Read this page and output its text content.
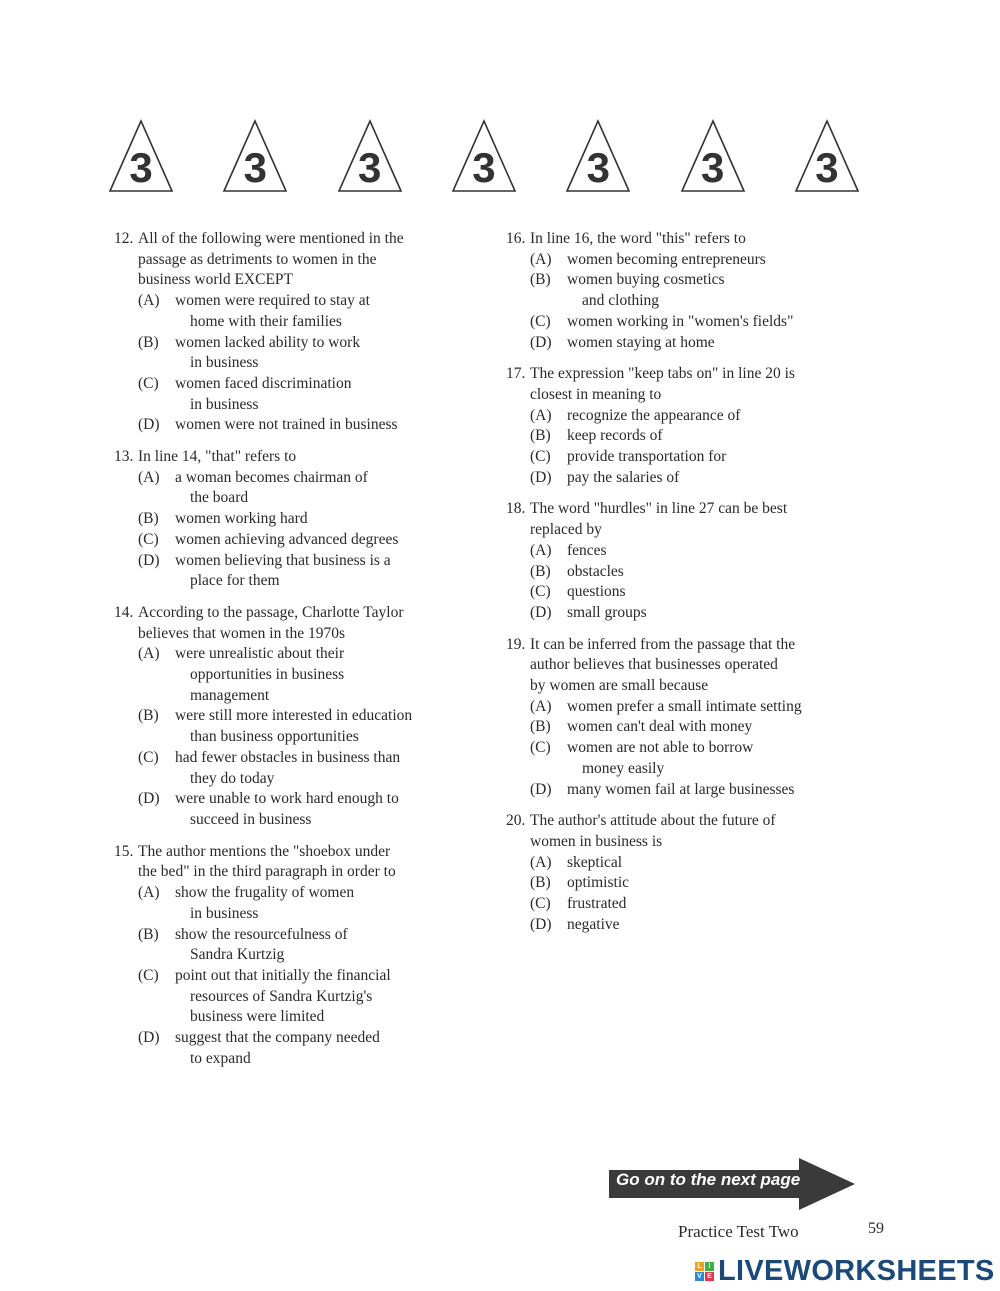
3	3	3	3	3	3	3
12. All of the following were mentioned in the
passage as detriments to women in the
business world EXCEPT
(A) women were required to stay at
home with their families
(B)	women lacked ability to work
in business
(C)	women faced discrimination
in business
(D) women were not trained in business
13. In line 14, "that" refers to
(A) a woman becomes chairman of
the board
(B)	women working hard
(C)	women achieving advanced degrees
(D) women believing that business is a
place for them
14. According to the passage, Charlotte Taylor
believes that women in the 1970s
(A) were unrealistic about their
opportunities in business
management
(B)	were still more interested in education
than business opportunities
(C)	had fewer obstacles in business than
they do today
(D) were unable to work hard enough to
succeed in business
15. The author mentions the "shoebox under
the bed" in the third paragraph in order to
(A) show the frugality of women
in business
(B)	show the resourcefulness of
Sandra Kurtzig
(C)	point out that initially the financial
resources of Sandra Kurtzig's
business were limited
(D) suggest that the company needed
to expand
16. In line 16, the word "this" refers to
(A) women becoming entrepreneurs
(B)	women buying cosmetics
and clothing
(C)	women working in "women's fields"
(D) women staying at home
17. The expression "keep tabs on" in line 20 is
closest in meaning to
(A) recognize the appearance of
(B)	keep records of
(C)	provide transportation for
(D) pay the salaries of
18. The word "hurdles" in line 27 can be best
replaced by
(A) fences
(B)	obstacles
(C)	questions
(D) small groups
19. It can be inferred from the passage that the
author believes that businesses operated
by women are small because
(A) women prefer a small intimate setting
(B)	women can't deal with money
(C)	women are not able to borrow
money easily
(D) many women fail at large businesses
20. The author's attitude about the future of
women in business is
(A) skeptical
(B)	optimistic
(C)	frustrated
(D) negative
Go on to the next page
Practice Test Two	59
L I
V E LIVEWORKSHEETS
